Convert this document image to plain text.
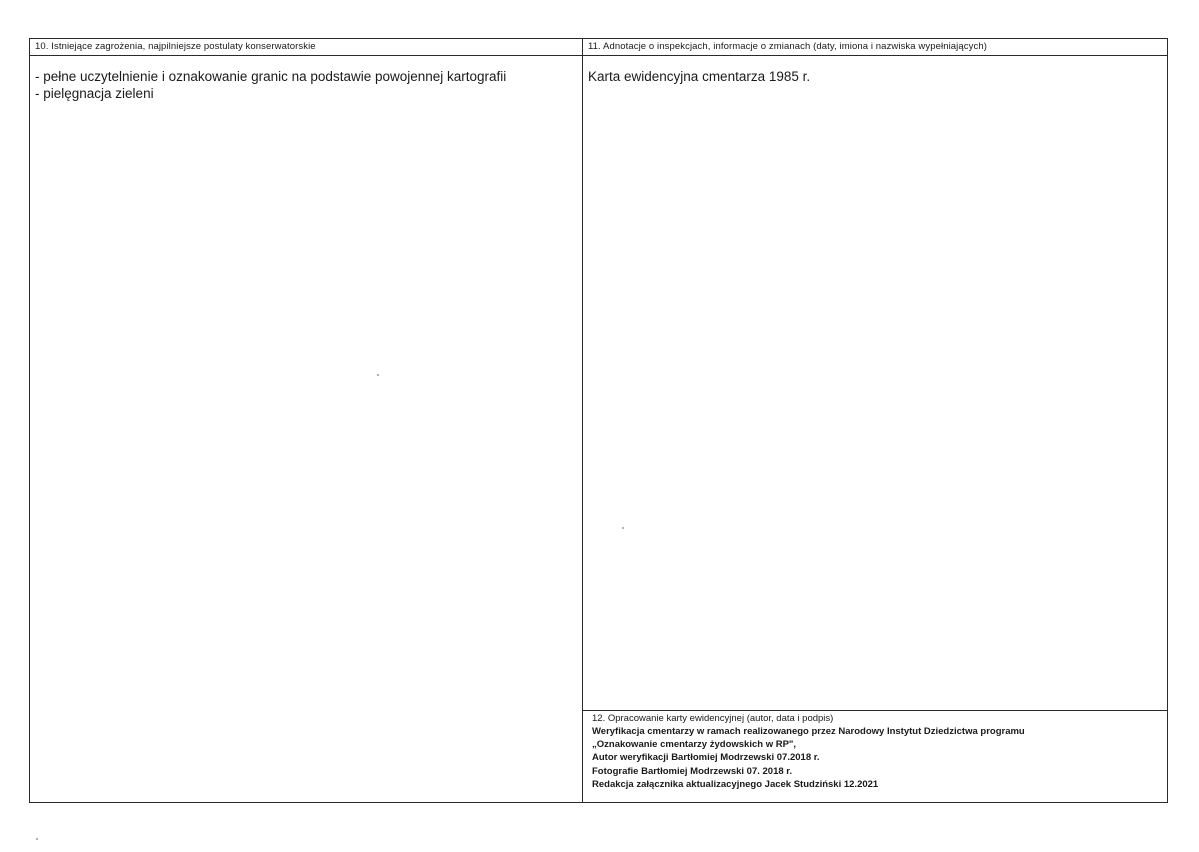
10. Istniejące zagrożenia, najpilniejsze postulaty konserwatorskie
- pełne uczytelnienie i oznakowanie granic na podstawie powojennej kartografii
- pielęgnacja zieleni
11. Adnotacje o inspekcjach, informacje o zmianach (daty, imiona i nazwiska wypełniających)
Karta ewidencyjna cmentarza 1985 r.
12. Opracowanie karty ewidencyjnej (autor, data i podpis)
Weryfikacja cmentarzy w ramach realizowanego przez Narodowy Instytut Dziedzictwa programu
„Oznakowanie cmentarzy żydowskich w RP",
Autor weryfikacji Bartłomiej Modrzewski 07.2018 r.
Fotografie Bartłomiej Modrzewski 07. 2018 r.
Redakcja załącznika aktualizacyjnego Jacek Studziński 12.2021
